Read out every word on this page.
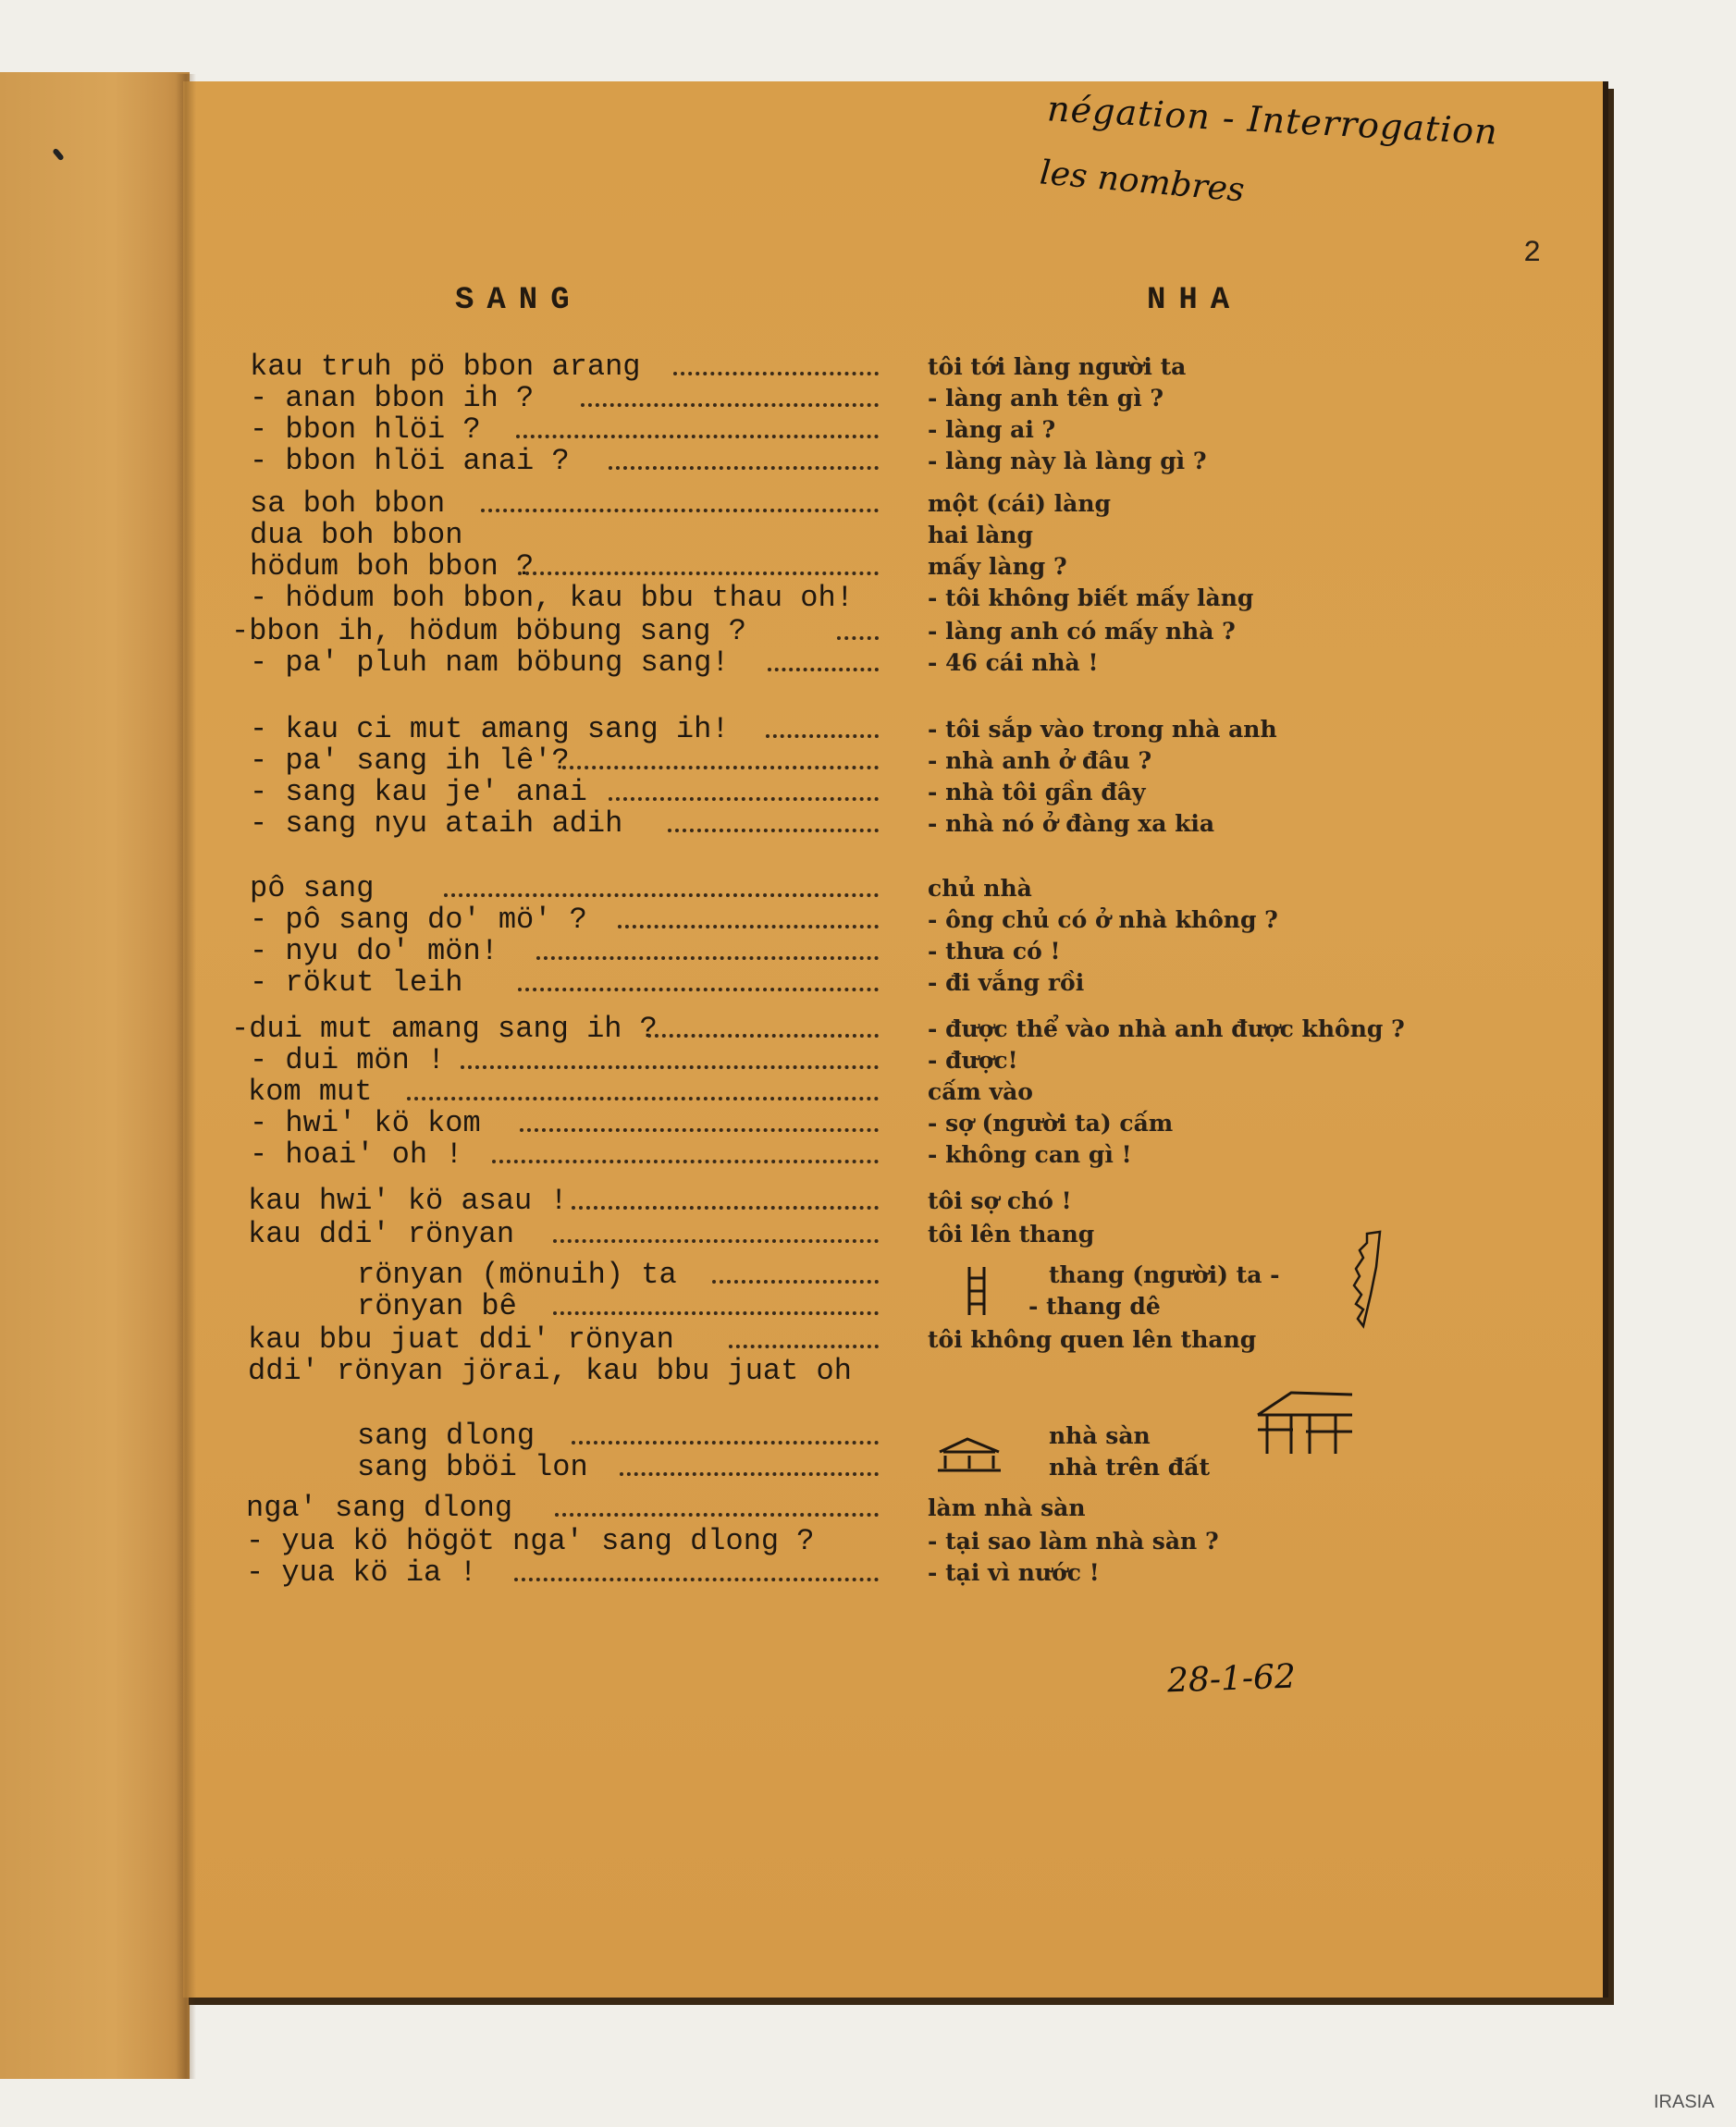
négation - Interrogation
les nombres
2
SANG	NHA
kau truh pö bbon arang	tôi tới làng người ta
- anan bbon ih ?	- làng anh tên gì ?
- bbon hlöi ?	- làng ai ?
- bbon hlöi anai ?	- làng này là làng gì ?
sa boh bbon	một (cái) làng
dua boh bbon	hai làng
hödum boh bbon ?	mấy làng ?
- hödum boh bbon, kau bbu thau oh!	- tôi không biết mấy làng
-bbon ih, hödum böbung sang ?	- làng anh có mấy nhà ?
- pa' pluh nam böbung sang!	- 46 cái nhà !
- kau ci mut amang sang ih!	- tôi sắp vào trong nhà anh
- pa' sang ih lê'?	- nhà anh ở đâu ?
- sang kau je' anai	- nhà tôi gần đây
- sang nyu ataih adih	- nhà nó ở đàng xa kia
pô sang	chủ nhà
- pô sang do' mö' ?	- ông chủ có ở nhà không ?
- nyu do' mön!	- thưa có !
- rökut leih	- đi vắng rồi
-dui mut amang sang ih ?	- được thể vào nhà anh được không ?
- dui mön !	- được!
kom mut	cấm vào
- hwi' kö kom	- sợ (người ta) cấm
- hoai' oh !	- không can gì !
kau hwi' kö asau !	tôi sợ chó !
kau ddi' rönyan	tôi lên thang
rönyan (mönuih) ta	thang (người) ta -
rönyan bê	- thang dê
kau bbu juat ddi' rönyan	tôi không quen lên thang
ddi' rönyan jörai, kau bbu juat oh
sang dlong	nhà sàn
sang bböi lon	nhà trên đất
nga' sang dlong	làm nhà sàn
- yua kö högöt nga' sang dlong ?	- tại sao làm nhà sàn ?
- yua kö ia !	- tại vì nước !
28-1-62
IRASIA
